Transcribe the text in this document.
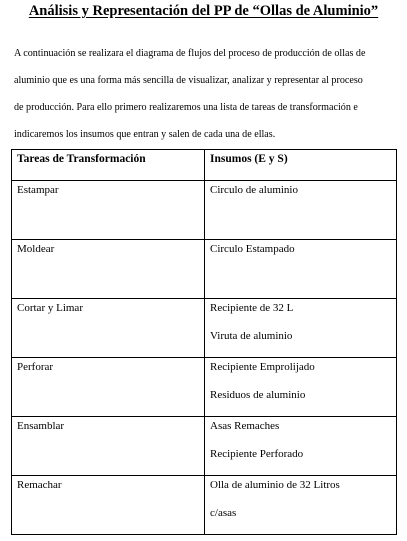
Análisis y Representación del PP de “Ollas de Aluminio”

A continuación se realizara el diagrama de flujos del proceso de producción de ollas de

aluminio que es una forma más sencilla de visualizar, analizar y representar al proceso

de producción. Para ello primero realizaremos una lista de tareas de transformación e

indicaremos los insumos que entran y salen de cada una de ellas.

Tareas de Transformación	Insumos (E y S)

Estampar	Circulo de aluminio

Moldear	Circulo Estampado

Cortar y Limar	Recipiente de 32 L
Viruta de aluminio

Perforar	Recipiente Emprolijado
Residuos de aluminio

Ensamblar	Asas Remaches
Recipiente Perforado

Remachar	Olla de aluminio de 32 Litros
c/asas
